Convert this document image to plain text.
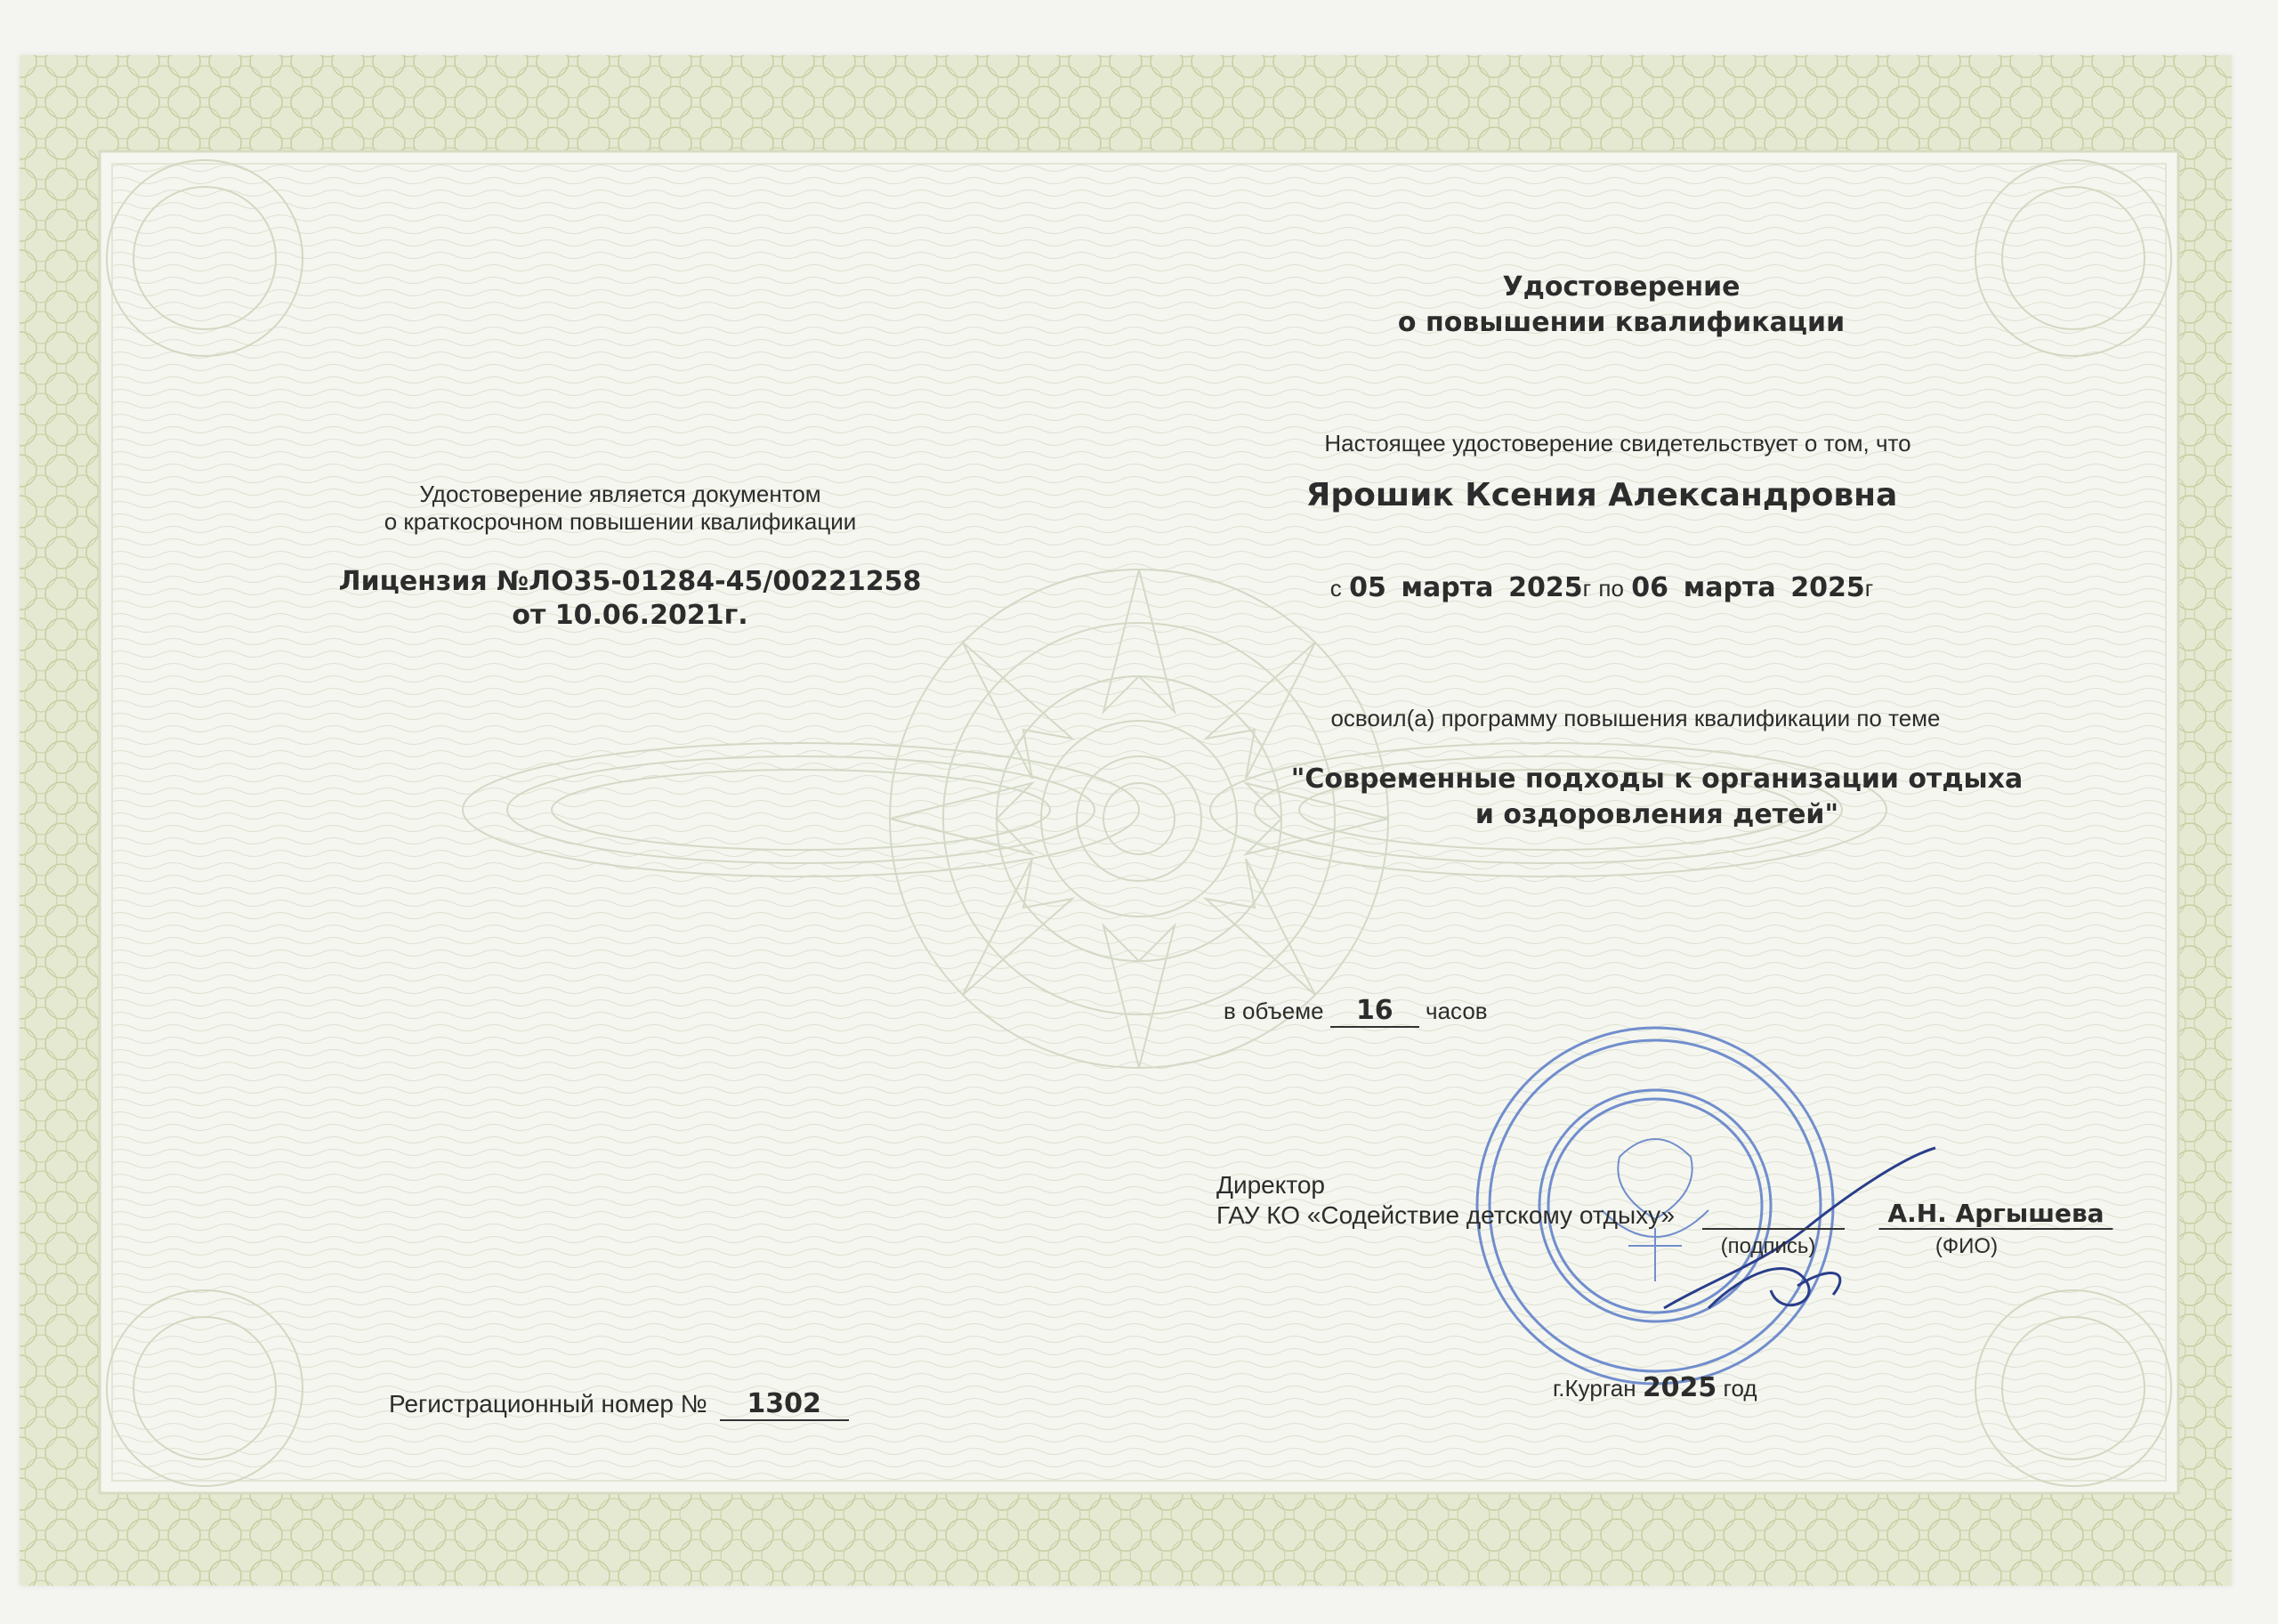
Удостоверение
о повышении квалификации
Настоящее удостоверение свидетельствует о том, что
Ярошик Ксения Александровна
с 05 марта 2025г по 06 марта 2025г
освоил(а) программу повышения квалификации по теме
"Современные подходы к организации отдыха
и оздоровления детей"
в объеме 16 часов
Удостоверение является документом
о краткосрочном повышении квалификации
Лицензия №ЛО35-01284-45/00221258
от 10.06.2021г.
Регистрационный номер № 1302
Директор
ГАУ КО «Содействие детскому отдыху»
(подпись)
А.Н. Аргышева
(ФИО)
г.Курган 2025 год
